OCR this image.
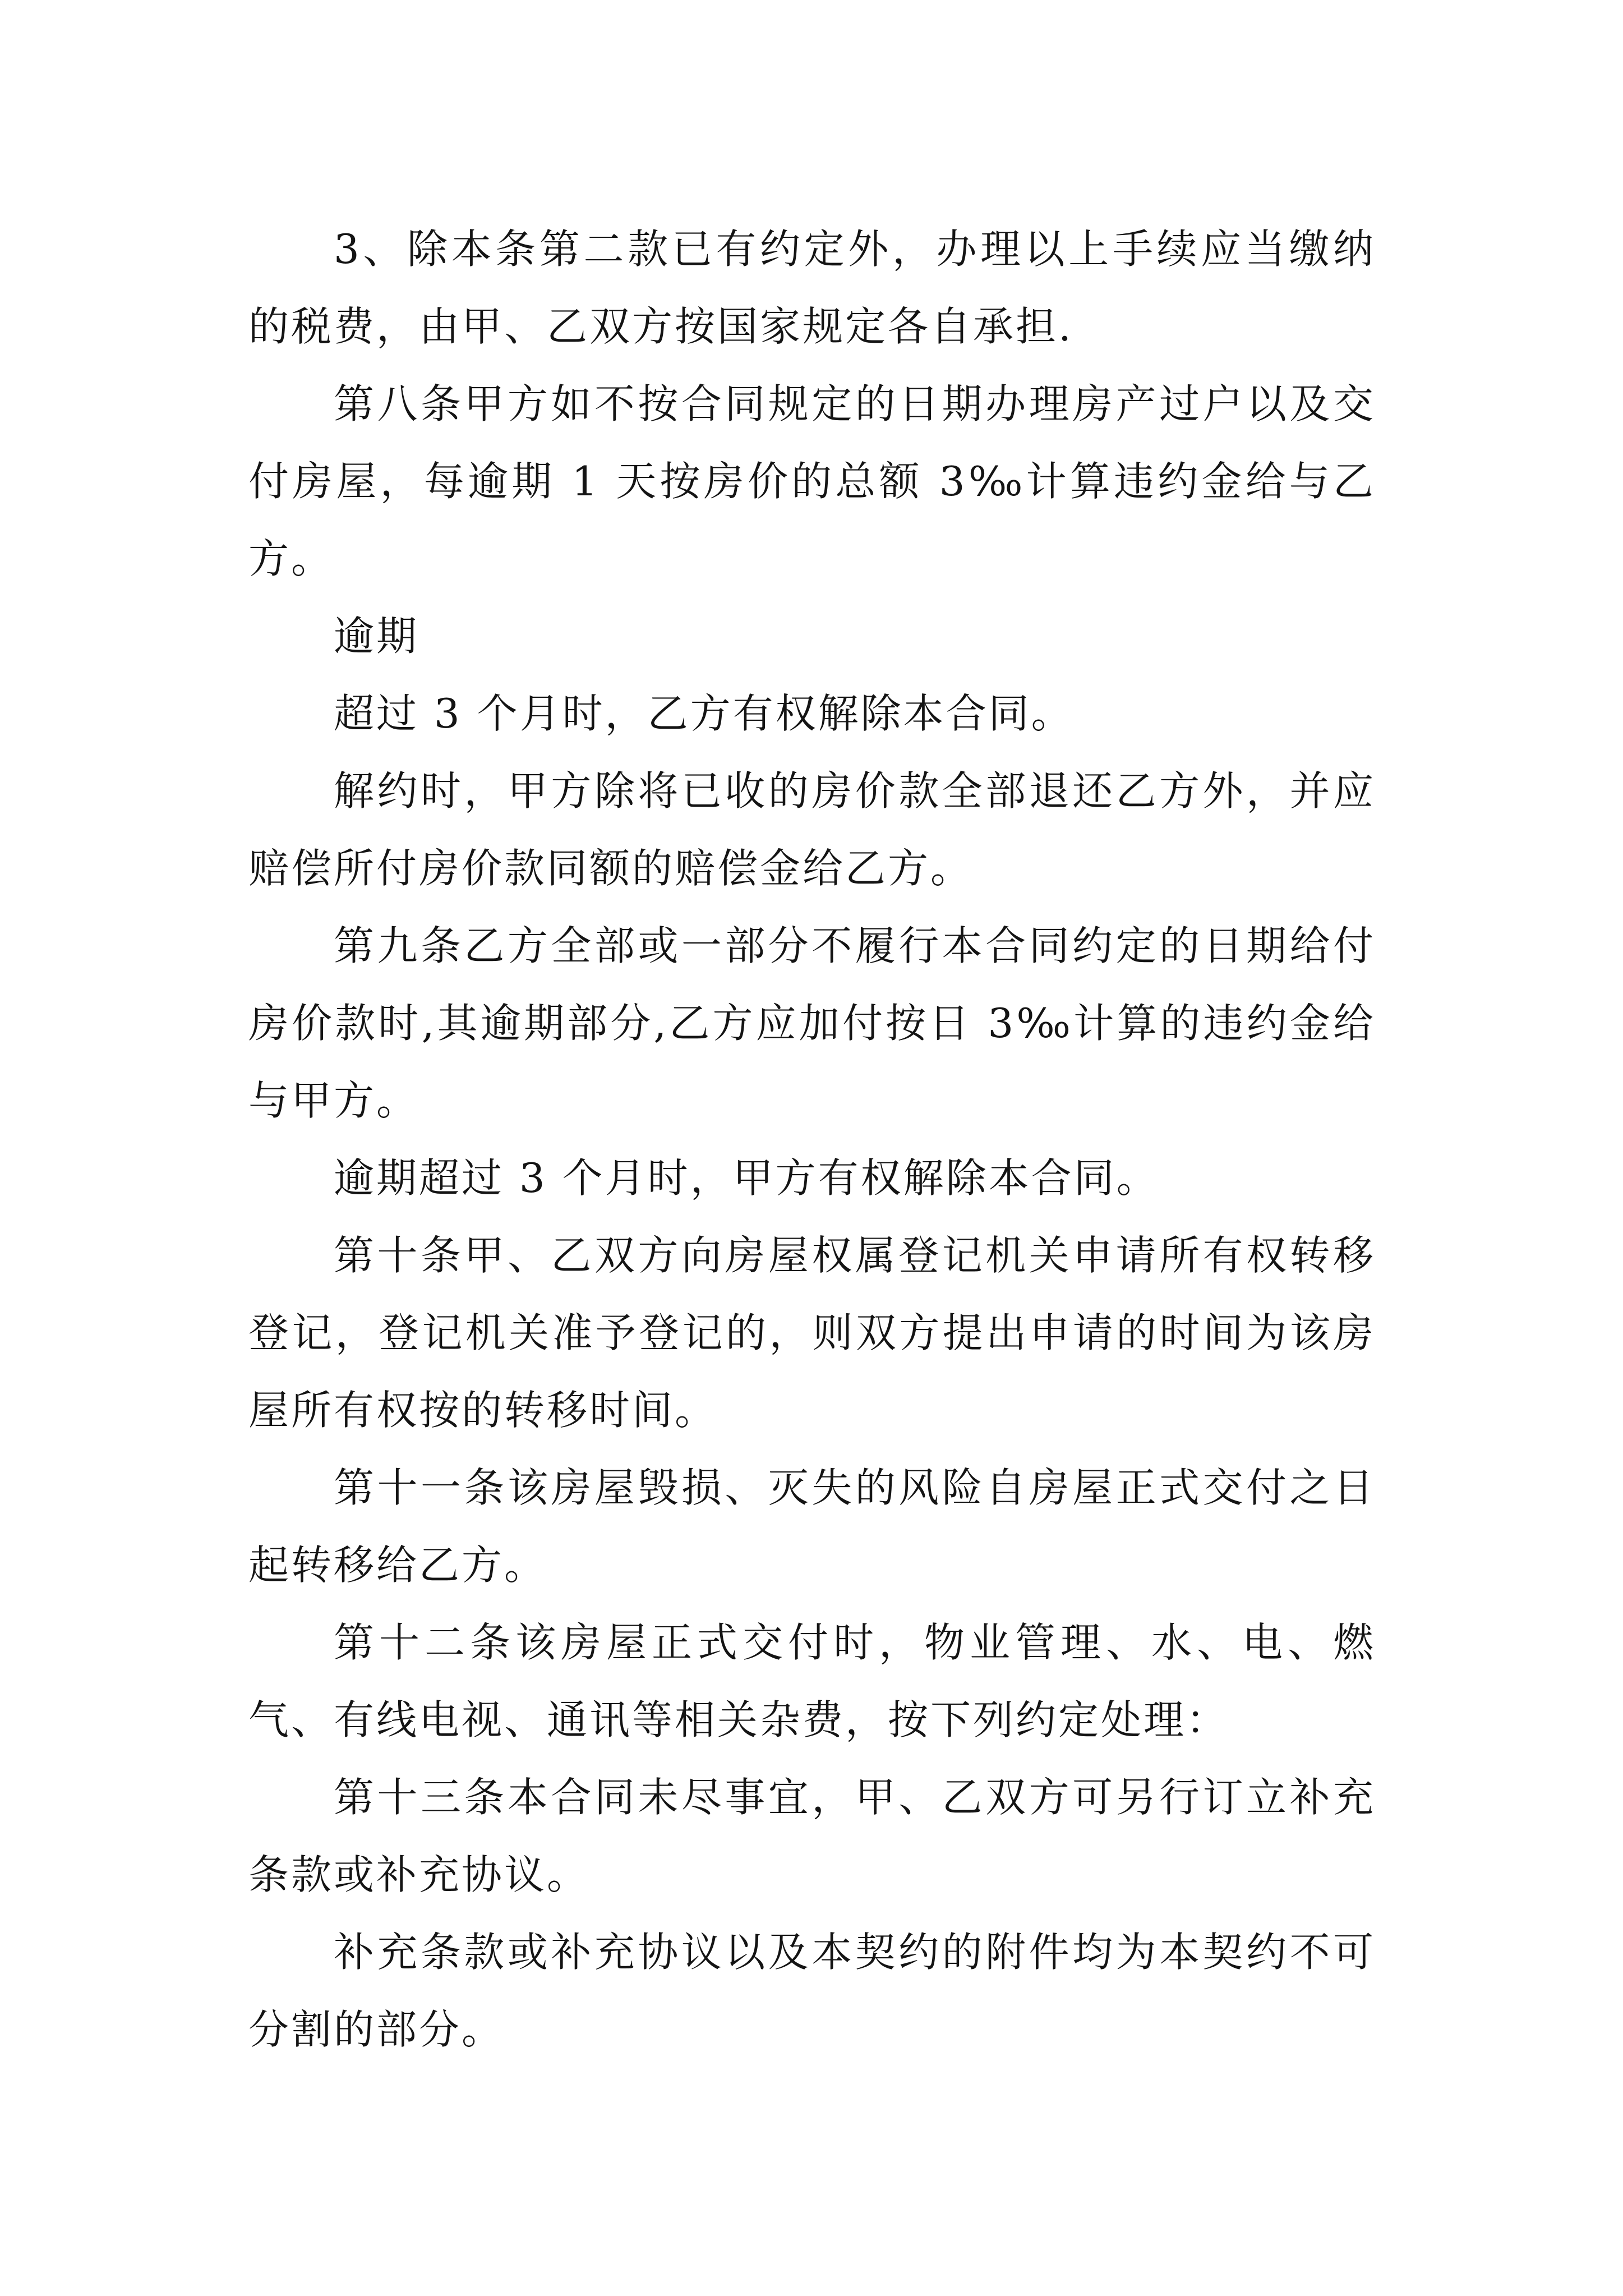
3、除本条第二款已有约定外，办理以上手续应当缴纳的税费，由甲、乙双方按国家规定各自承担.

第八条甲方如不按合同规定的日期办理房产过户以及交付房屋，每逾期 1 天按房价的总额 3‰计算违约金给与乙方。

逾期

超过 3 个月时，乙方有权解除本合同。

解约时，甲方除将已收的房价款全部退还乙方外，并应赔偿所付房价款同额的赔偿金给乙方。

第九条乙方全部或一部分不履行本合同约定的日期给付房价款时,其逾期部分,乙方应加付按日 3‰计算的违约金给与甲方。

逾期超过 3 个月时，甲方有权解除本合同。

第十条甲、乙双方向房屋权属登记机关申请所有权转移登记，登记机关准予登记的，则双方提出申请的时间为该房屋所有权按的转移时间。

第十一条该房屋毁损、灭失的风险自房屋正式交付之日起转移给乙方。

第十二条该房屋正式交付时，物业管理、水、电、燃气、有线电视、通讯等相关杂费，按下列约定处理：

第十三条本合同未尽事宜，甲、乙双方可另行订立补充条款或补充协议。

补充条款或补充协议以及本契约的附件均为本契约不可分割的部分。
